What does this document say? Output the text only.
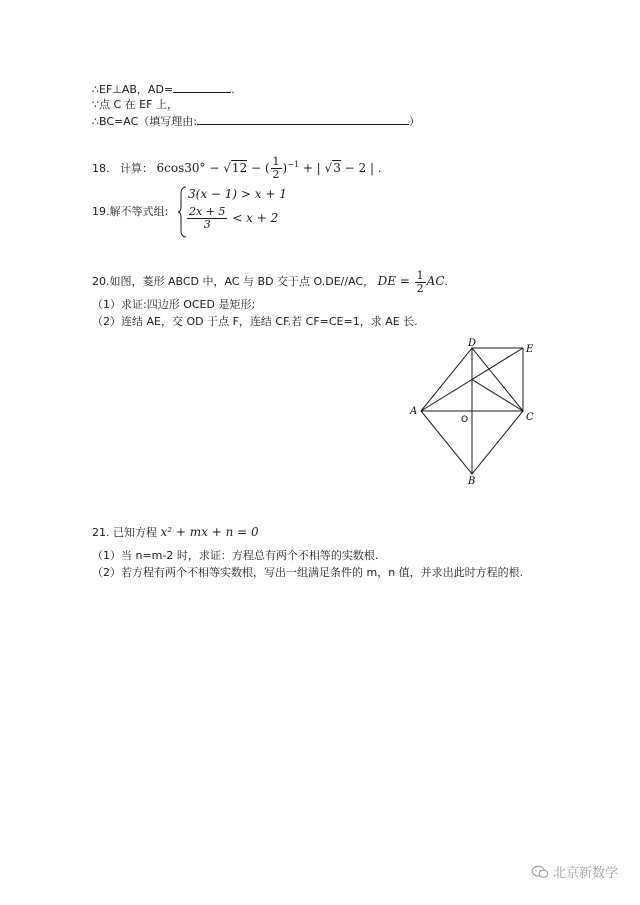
∴EF⊥AB，AD=	.
∵点 C 在 EF 上，
∴BC=AC（填写理由:	）
18. 计算： 6cos30° − √12 − ( $\frac{1}{2} )^{-1}$ + | √3 − 2 | .
19.解不等式组:
3(x − 1) > x + 1
$\frac{2x + 5}{3} < x + 2$
20.如图，菱形 ABCD 中，AC 与 BD 交于点 O.DE//AC， DE = $\frac{1}{2}$ AC.
（1）求证:四边形 OCED 是矩形;
（2）连结 AE，交 OD 于点 F，连结 CF.若 CF=CE=1，求 AE 长.
D
E
A
C
O
B
21. 已知方程 x² + mx + n = 0
（1）当 n=m-2 时，求证：方程总有两个不相等的实数根.
（2）若方程有两个不相等实数根，写出一组满足条件的 m，n 值，并求出此时方程的根.
北京新数学
